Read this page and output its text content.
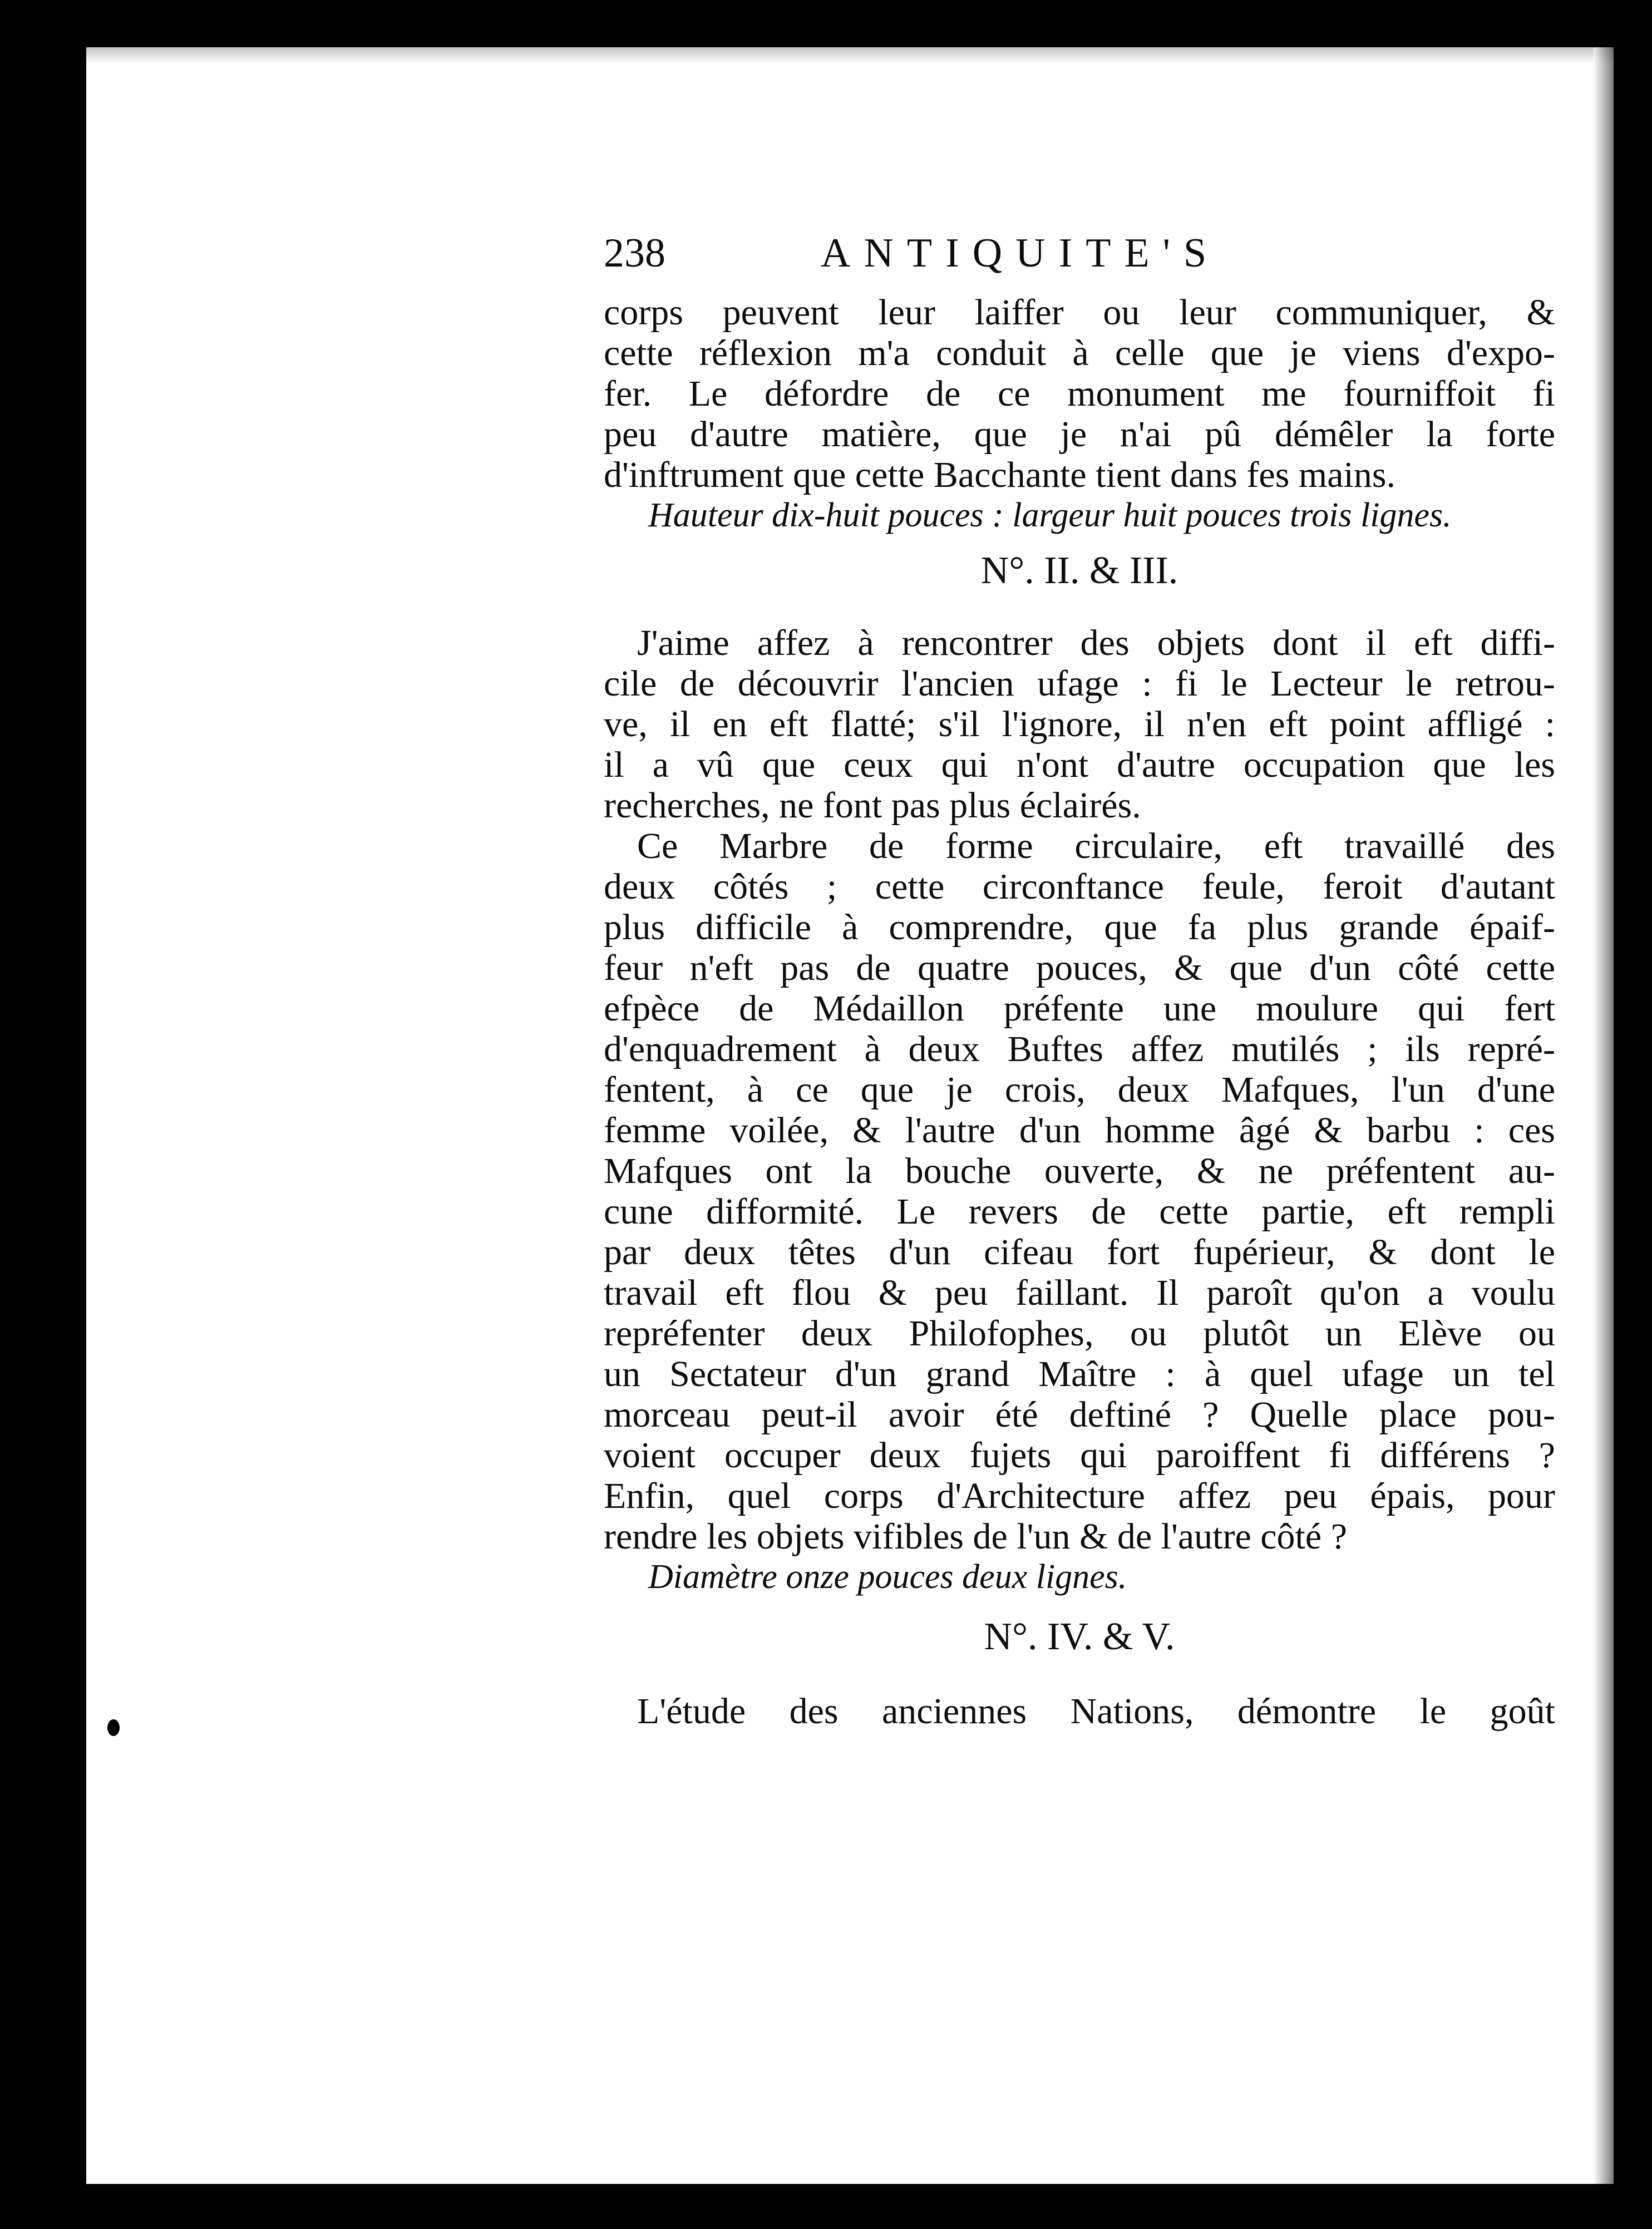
238	ANTIQUITE'S
corps peuvent leur laiffer ou leur communiquer, &
cette réflexion m'a conduit à celle que je viens d'expo-
fer. Le défordre de ce monument me fourniffoit fi
peu d'autre matière, que je n'ai pû démêler la forte
d'inftrument que cette Bacchante tient dans fes mains.
Hauteur dix-huit pouces : largeur huit pouces trois lignes.
N°. II. & III.
J'aime affez à rencontrer des objets dont il eft diffi-
cile de découvrir l'ancien ufage : fi le Lecteur le retrou-
ve, il en eft flatté; s'il l'ignore, il n'en eft point affligé :
il a vû que ceux qui n'ont d'autre occupation que les
recherches, ne font pas plus éclairés.
Ce Marbre de forme circulaire, eft travaillé des
deux côtés ; cette circonftance feule, feroit d'autant
plus difficile à comprendre, que fa plus grande épaif-
feur n'eft pas de quatre pouces, & que d'un côté cette
efpèce de Médaillon préfente une moulure qui fert
d'enquadrement à deux Buftes affez mutilés ; ils repré-
fentent, à ce que je crois, deux Mafques, l'un d'une
femme voilée, & l'autre d'un homme âgé & barbu : ces
Mafques ont la bouche ouverte, & ne préfentent au-
cune difformité. Le revers de cette partie, eft rempli
par deux têtes d'un cifeau fort fupérieur, & dont le
travail eft flou & peu faillant. Il paroît qu'on a voulu
repréfenter deux Philofophes, ou plutôt un Elève ou
un Sectateur d'un grand Maître : à quel ufage un tel
morceau peut-il avoir été deftiné ? Quelle place pou-
voient occuper deux fujets qui paroiffent fi différens ?
Enfin, quel corps d'Architecture affez peu épais, pour
rendre les objets vifibles de l'un & de l'autre côté ?
Diamètre onze pouces deux lignes.
N°. IV. & V.
L'étude des anciennes Nations, démontre le goût
